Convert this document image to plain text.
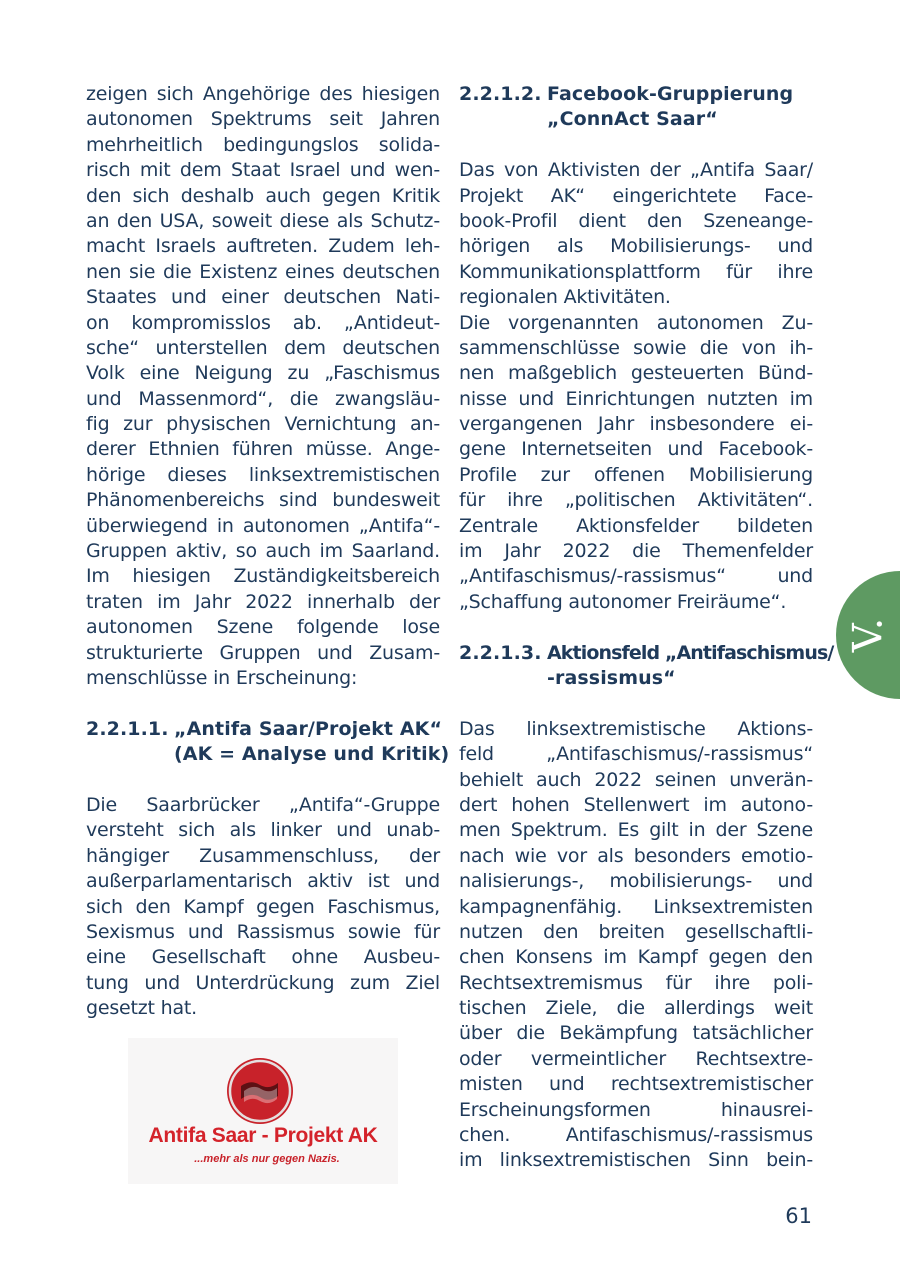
zeigen sich Angehörige des hiesigen
autonomen Spektrums seit Jahren
mehrheitlich bedingungslos solida-
risch mit dem Staat Israel und wen-
den sich deshalb auch gegen Kritik
an den USA, soweit diese als Schutz-
macht Israels auftreten. Zudem leh-
nen sie die Existenz eines deutschen
Staates und einer deutschen Nati-
on kompromisslos ab. „Antideut-
sche“ unterstellen dem deutschen
Volk eine Neigung zu „Faschismus
und Massenmord“, die zwangsläu-
fig zur physischen Vernichtung an-
derer Ethnien führen müsse. Ange-
hörige dieses linksextremistischen
Phänomenbereichs sind bundesweit
überwiegend in autonomen „Antifa“-
Gruppen aktiv, so auch im Saarland.
Im hiesigen Zuständigkeitsbereich
traten im Jahr 2022 innerhalb der
autonomen Szene folgende lose
strukturierte Gruppen und Zusam-
menschlüsse in Erscheinung:
2.2.1.1. „Antifa Saar/Projekt AK“
(AK = Analyse und Kritik)
Die Saarbrücker „Antifa“-Gruppe
versteht sich als linker und unab-
hängiger Zusammenschluss, der
außerparlamentarisch aktiv ist und
sich den Kampf gegen Faschismus,
Sexismus und Rassismus sowie für
eine Gesellschaft ohne Ausbeu-
tung und Unterdrückung zum Ziel
gesetzt hat.
Antifa Saar - Projekt AK
...mehr als nur gegen Nazis.
2.2.1.2. Facebook-Gruppierung
„ConnAct Saar“
Das von Aktivisten der „Antifa Saar/
Projekt AK“ eingerichtete Face-
book-Profil dient den Szeneange-
hörigen als Mobilisierungs- und
Kommunikationsplattform für ihre
regionalen Aktivitäten.
Die vorgenannten autonomen Zu-
sammenschlüsse sowie die von ih-
nen maßgeblich gesteuerten Bünd-
nisse und Einrichtungen nutzten im
vergangenen Jahr insbesondere ei-
gene Internetseiten und Facebook-
Profile zur offenen Mobilisierung
für ihre „politischen Aktivitäten“.
Zentrale Aktionsfelder bildeten
im Jahr 2022 die Themenfelder
„Antifaschismus/-rassismus“ und
„Schaffung autonomer Freiräume“.
2.2.1.3. Aktionsfeld „Antifaschismus/
-rassismus“
Das linksextremistische Aktions-
feld „Antifaschismus/-rassismus“
behielt auch 2022 seinen unverän-
dert hohen Stellenwert im autono-
men Spektrum. Es gilt in der Szene
nach wie vor als besonders emotio-
nalisierungs-, mobilisierungs- und
kampagnenfähig. Linksextremisten
nutzen den breiten gesellschaftli-
chen Konsens im Kampf gegen den
Rechtsextremismus für ihre poli-
tischen Ziele, die allerdings weit
über die Bekämpfung tatsächlicher
oder vermeintlicher Rechtsextre-
misten und rechtsextremistischer
Erscheinungsformen hinausrei-
chen. Antifaschismus/-rassismus
im linksextremistischen Sinn bein-
V.
61
